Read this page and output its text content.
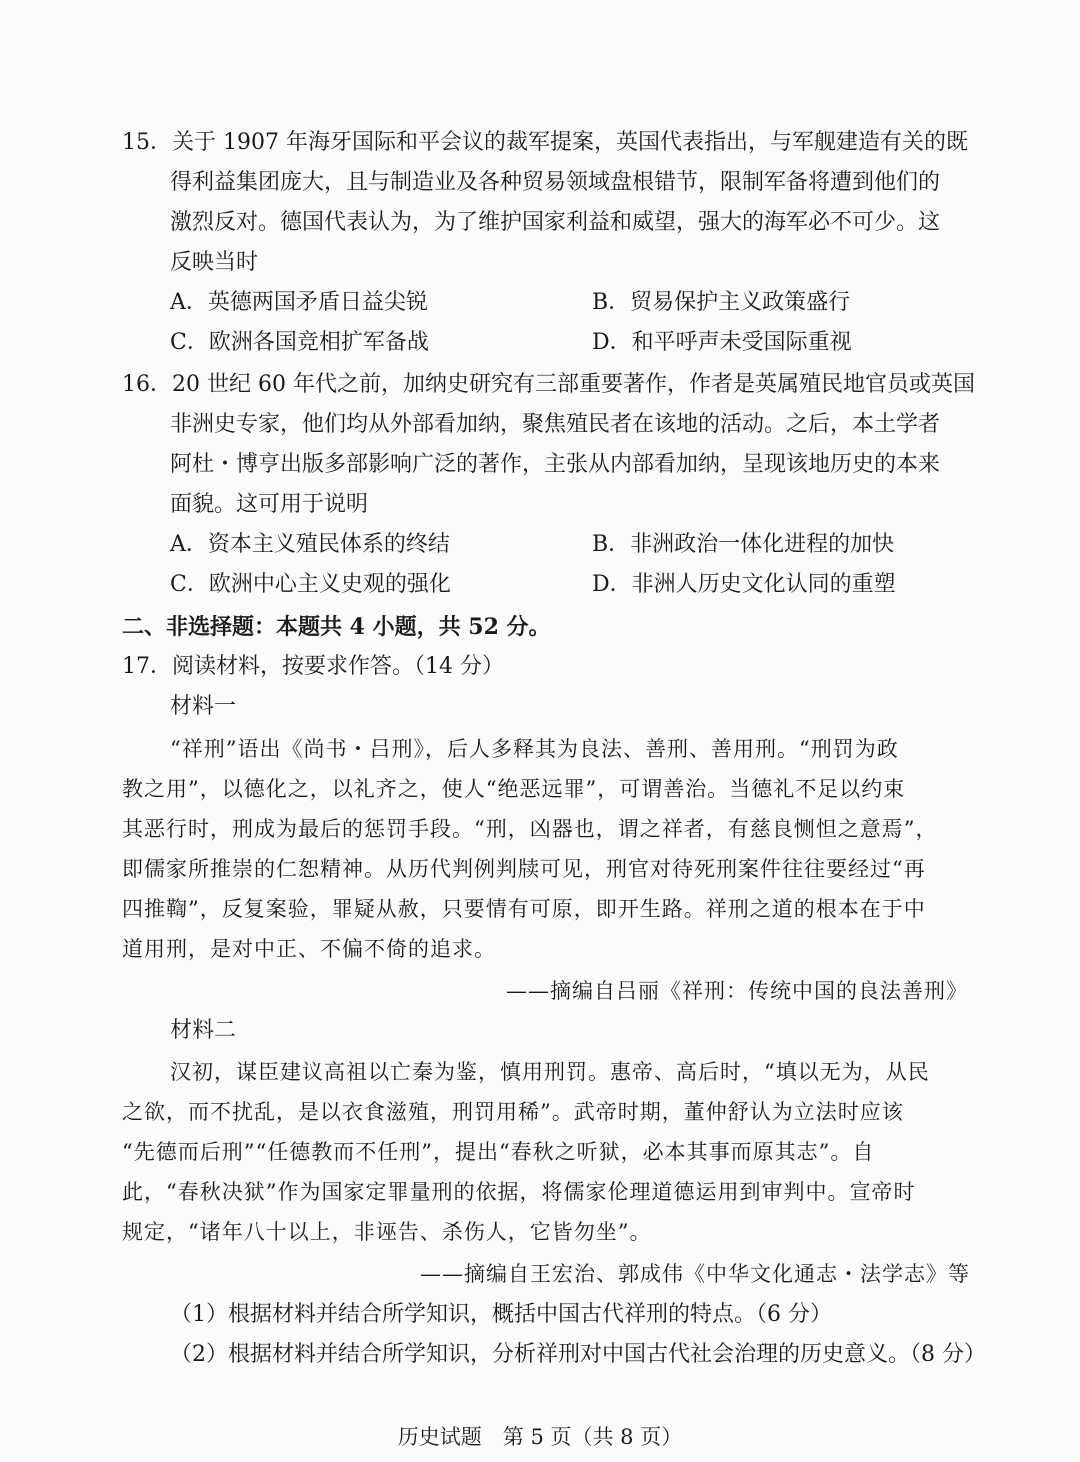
15．关于 1907 年海牙国际和平会议的裁军提案，英国代表指出，与军舰建造有关的既
得利益集团庞大，且与制造业及各种贸易领域盘根错节，限制军备将遭到他们的
激烈反对。德国代表认为，为了维护国家利益和威望，强大的海军必不可少。这
反映当时
A．英德两国矛盾日益尖锐	B．贸易保护主义政策盛行
C．欧洲各国竞相扩军备战	D．和平呼声未受国际重视
16．20 世纪 60 年代之前，加纳史研究有三部重要著作，作者是英属殖民地官员或英国
非洲史专家，他们均从外部看加纳，聚焦殖民者在该地的活动。之后，本土学者
阿杜・博亨出版多部影响广泛的著作，主张从内部看加纳，呈现该地历史的本来
面貌。这可用于说明
A．资本主义殖民体系的终结	B．非洲政治一体化进程的加快
C．欧洲中心主义史观的强化	D．非洲人历史文化认同的重塑
二、非选择题：本题共 4 小题，共 52 分。
17．阅读材料，按要求作答。（14 分）
材料一
“祥刑”语出《尚书・吕刑》，后人多释其为良法、善刑、善用刑。“刑罚为政
教之用”，以德化之，以礼齐之，使人“绝恶远罪”，可谓善治。当德礼不足以约束
其恶行时，刑成为最后的惩罚手段。“刑，凶器也，谓之祥者，有慈良恻怛之意焉”，
即儒家所推崇的仁恕精神。从历代判例判牍可见，刑官对待死刑案件往往要经过“再
四推鞫”，反复案验，罪疑从赦，只要情有可原，即开生路。祥刑之道的根本在于中
道用刑，是对中正、不偏不倚的追求。
——摘编自吕丽《祥刑：传统中国的良法善刑》
材料二
汉初，谋臣建议高祖以亡秦为鉴，慎用刑罚。惠帝、高后时，“填以无为，从民
之欲，而不扰乱，是以衣食滋殖，刑罚用稀”。武帝时期，董仲舒认为立法时应该
“先德而后刑”“任德教而不任刑”，提出“春秋之听狱，必本其事而原其志”。自
此，“春秋决狱”作为国家定罪量刑的依据，将儒家伦理道德运用到审判中。宣帝时
规定，“诸年八十以上，非诬告、杀伤人，它皆勿坐”。
——摘编自王宏治、郭成伟《中华文化通志・法学志》等
（1）根据材料并结合所学知识，概括中国古代祥刑的特点。（6 分）
（2）根据材料并结合所学知识，分析祥刑对中国古代社会治理的历史意义。（8 分）
历史试题　第 5 页（共 8 页）
